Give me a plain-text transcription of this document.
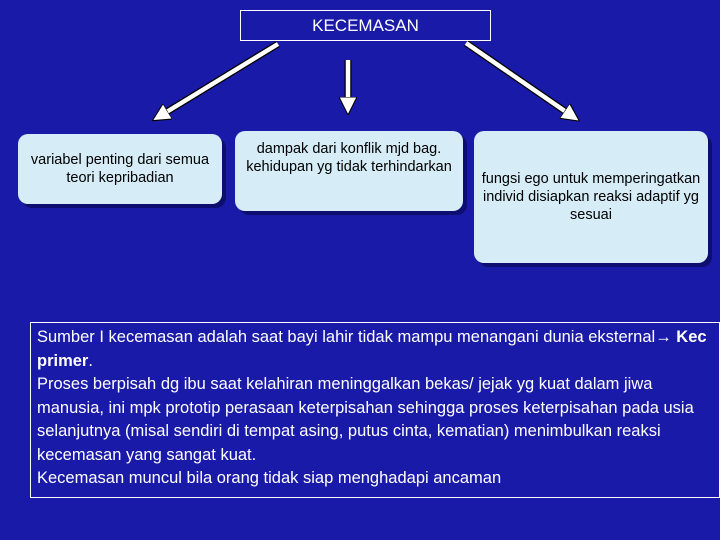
KECEMASAN
variabel penting dari semua teori kepribadian
dampak dari konflik mjd bag. kehidupan yg tidak terhindarkan
fungsi ego untuk memperingatkan individ disiapkan reaksi adaptif yg sesuai

Sumber I kecemasan adalah saat bayi lahir tidak mampu menangani dunia eksternal→ Kec primer.

Proses berpisah dg ibu saat kelahiran meninggalkan bekas/ jejak yg kuat dalam jiwa manusia, ini mpk prototip perasaan keterpisahan sehingga proses keterpisahan pada usia selanjutnya (misal sendiri di tempat asing, putus cinta, kematian) menimbulkan reaksi kecemasan yang sangat kuat.

Kecemasan muncul bila orang tidak siap menghadapi ancaman
